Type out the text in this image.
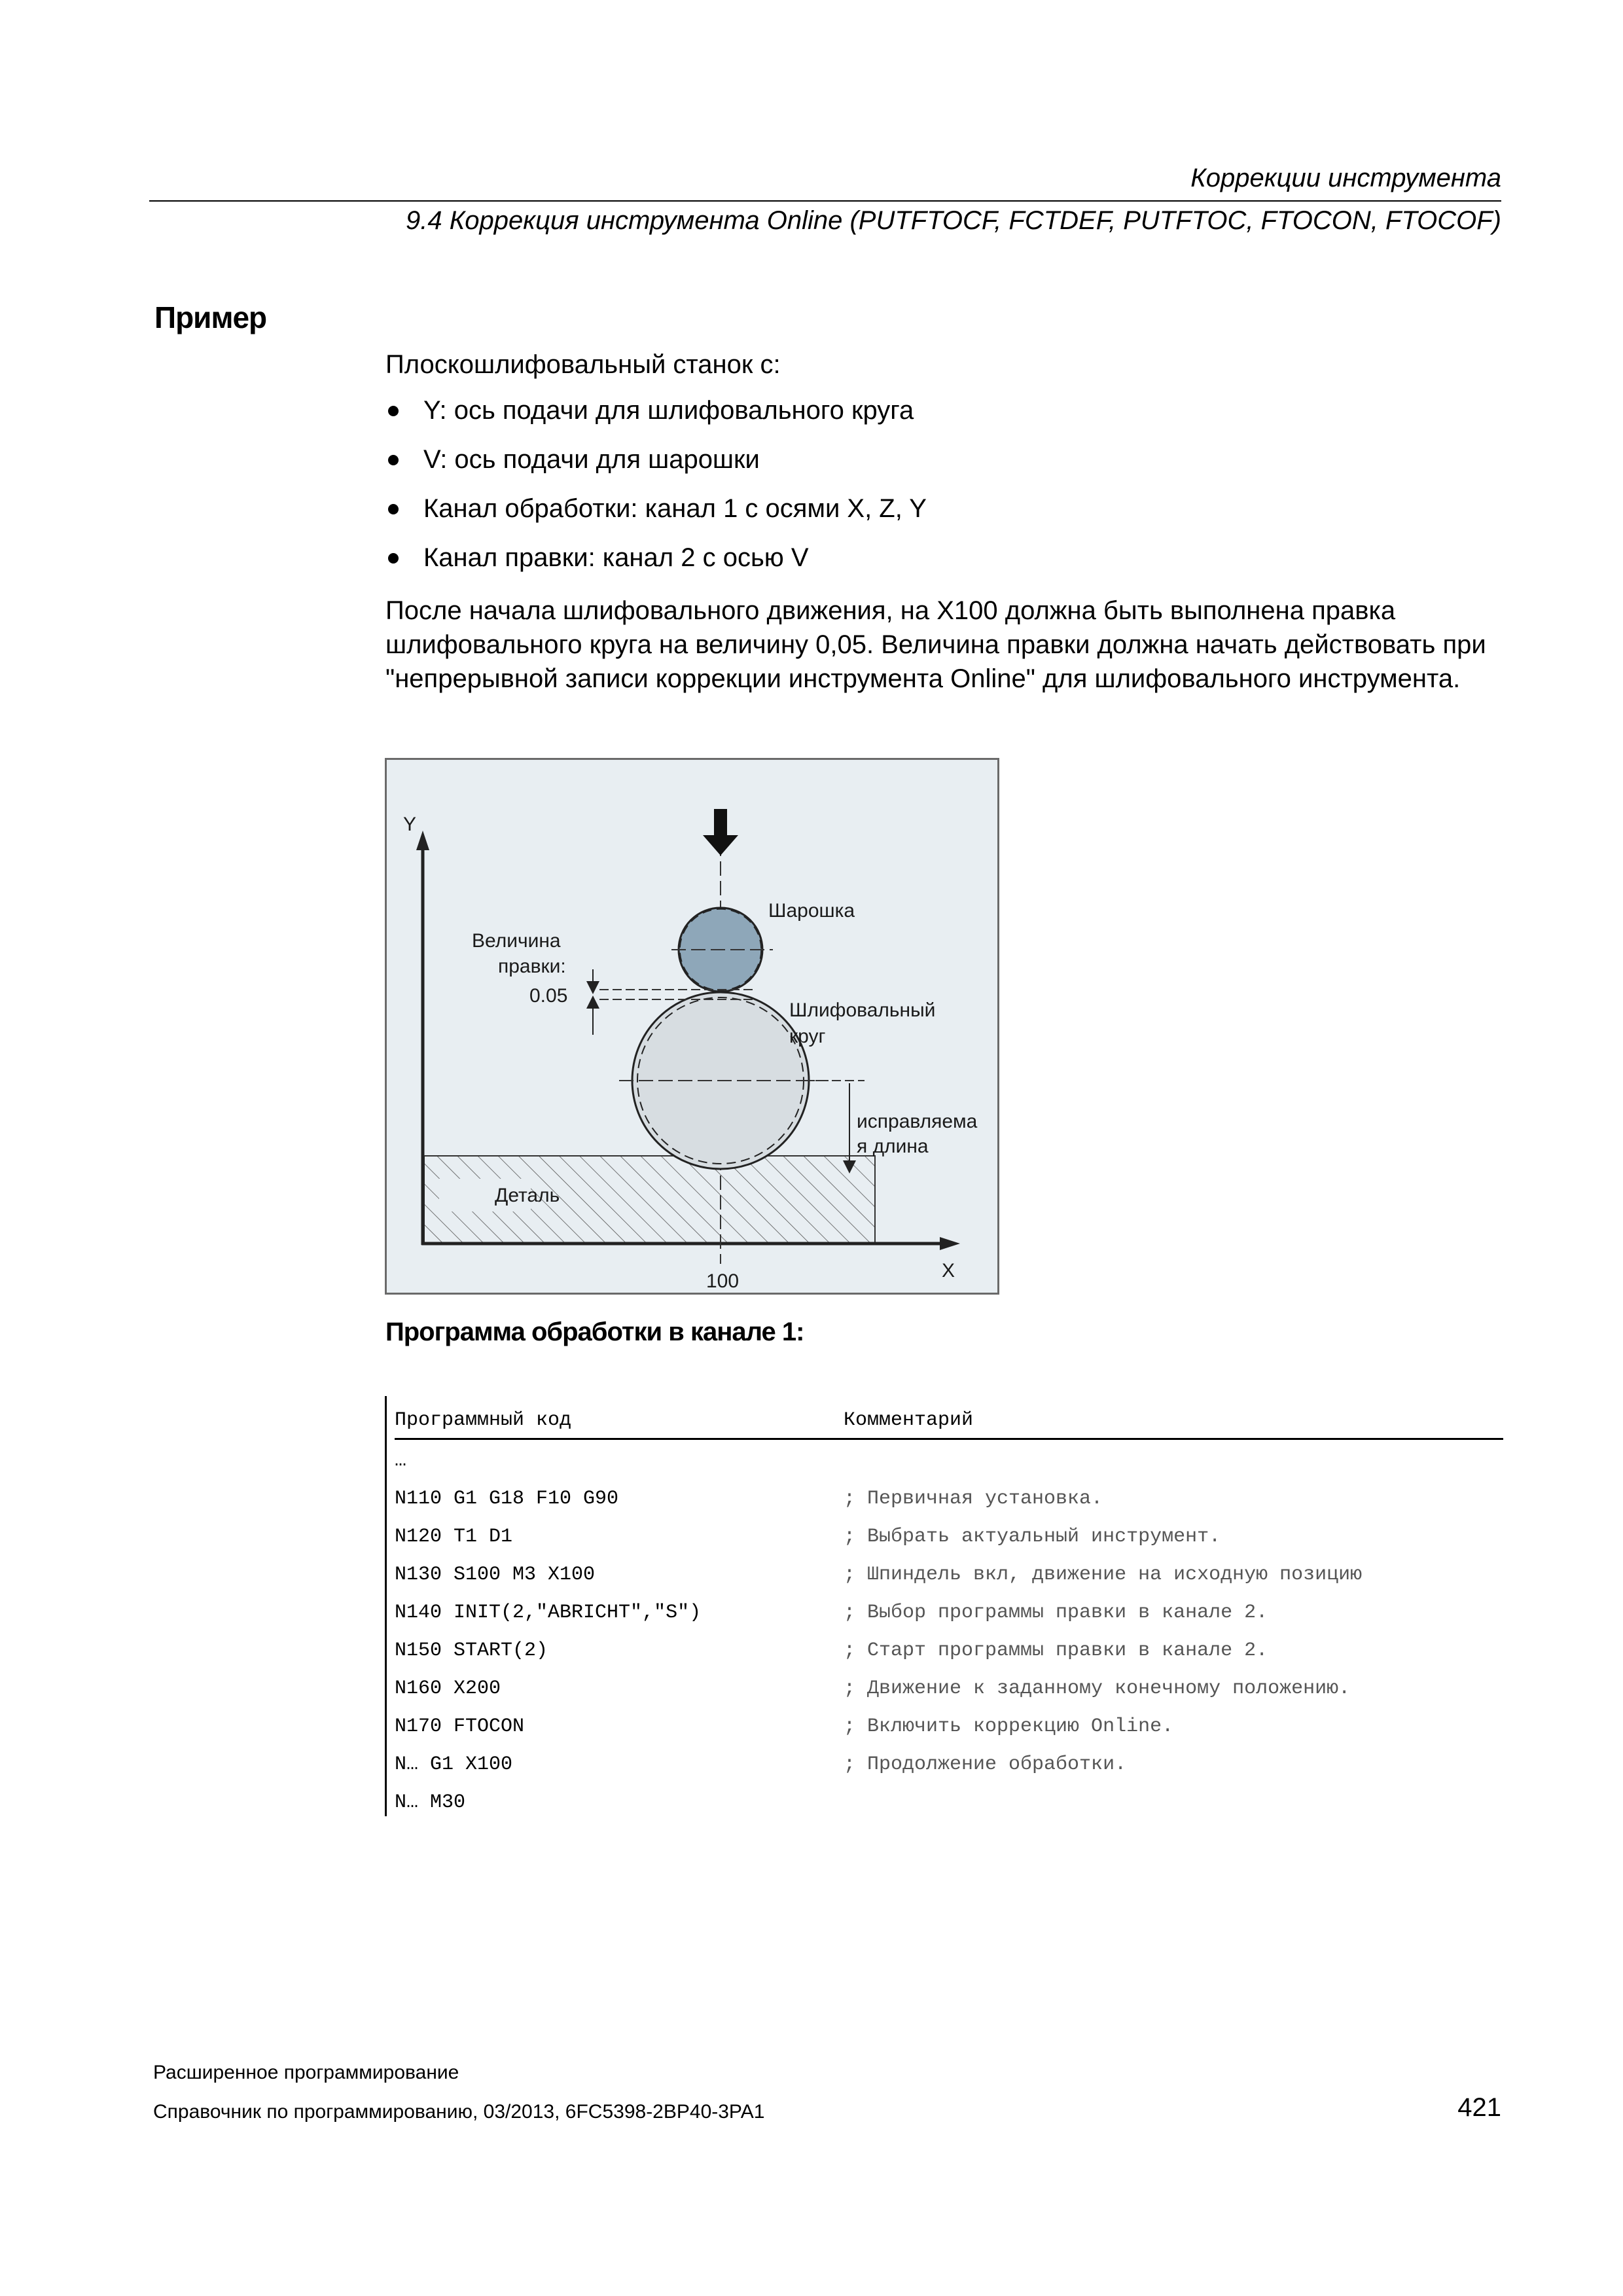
Коррекции инструмента
9.4 Коррекция инструмента Online (PUTFTOCF, FCTDEF, PUTFTOC, FTOCON, FTOCOF)
Пример
Плоскошлифовальный станок с:
Y: ось подачи для шлифовального круга
V: ось подачи для шарошки
Канал обработки: канал 1 с осями X, Z, Y
Канал правки: канал 2 с осью V
После начала шлифовального движения, на X100 должна быть выполнена правка шлифовального круга на величину 0,05. Величина правки должна начать действовать при "непрерывной записи коррекции инструмента Online" для шлифовального инструмента.
Y
X
100
Шарошка
Величина
правки:
0.05
Шлифовальный
круг
исправляема
я длина
Деталь
Программа обработки в канале 1:
Программный код	Комментарий
…
N110 G1 G18 F10 G90	; Первичная установка.
N120 T1 D1	; Выбрать актуальный инструмент.
N130 S100 M3 X100	; Шпиндель вкл, движение на исходную позицию
N140 INIT(2,"ABRICHT","S")	; Выбор программы правки в канале 2.
N150 START(2)	; Старт программы правки в канале 2.
N160 X200	; Движение к заданному конечному положению.
N170 FTOCON	; Включить коррекцию Online.
N… G1 X100	; Продолжение обработки.
N… M30
Расширенное программирование
Справочник по программированию, 03/2013, 6FC5398-2BP40-3PA1	421
